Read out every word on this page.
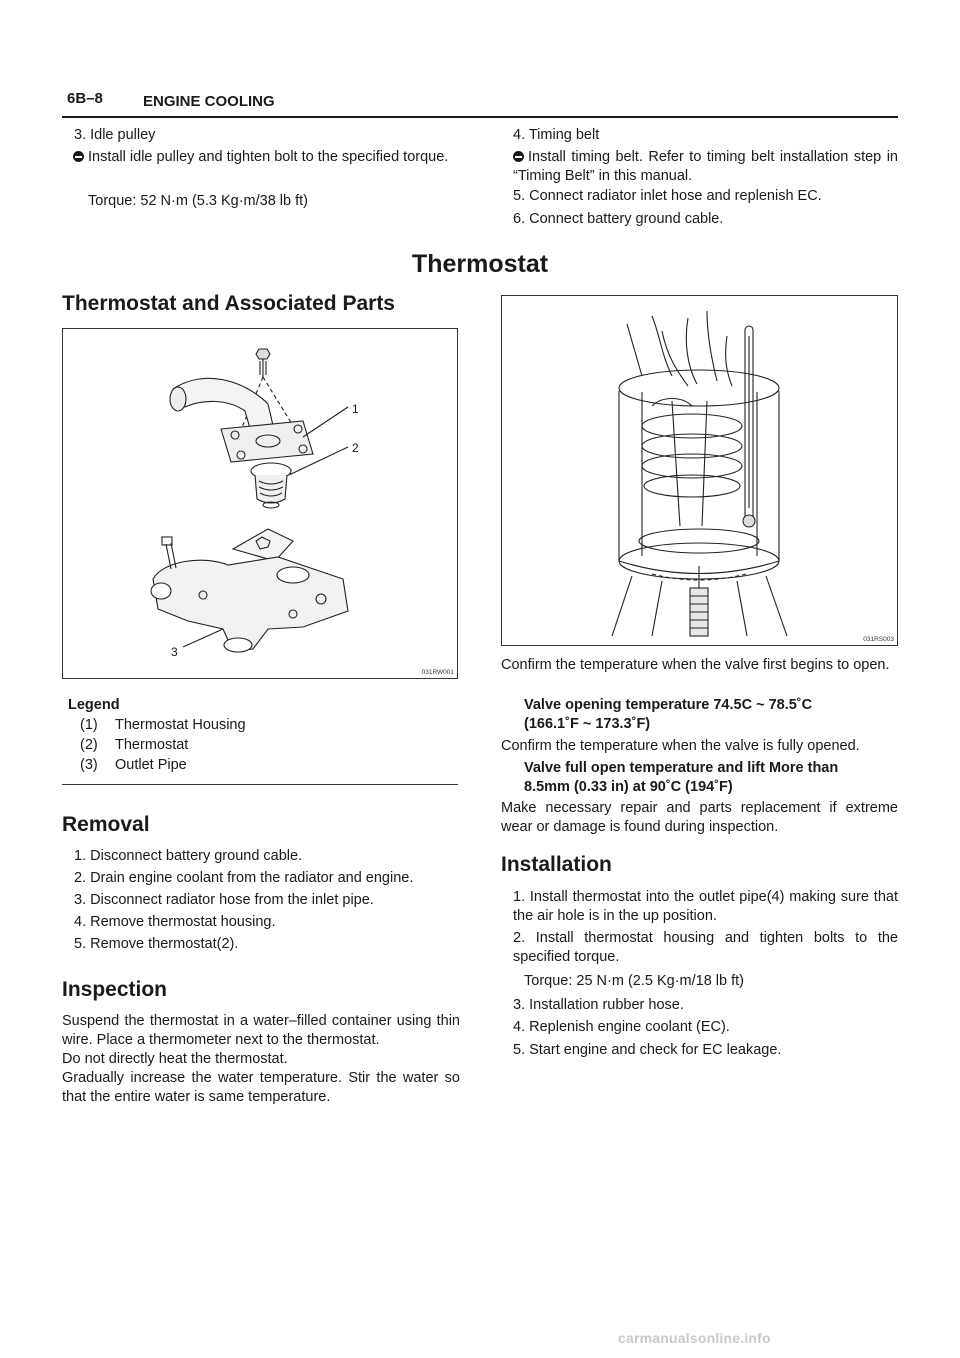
6B–8	ENGINE COOLING
3. Idle pulley
Install idle pulley and tighten bolt to the specified torque.
Torque: 52 N·m (5.3 Kg·m/38 lb ft)
4. Timing belt
Install timing belt. Refer to timing belt installation step in “Timing Belt” in this manual.
5. Connect radiator inlet hose and replenish EC.
6. Connect battery ground cable.
Thermostat
Thermostat and Associated Parts
1
2
3
031RW001
Legend
(1) Thermostat Housing
(2) Thermostat
(3) Outlet Pipe
Removal
1. Disconnect battery ground cable.
2. Drain engine coolant from the radiator and engine.
3. Disconnect radiator hose from the inlet pipe.
4. Remove thermostat housing.
5. Remove thermostat(2).
Inspection
Suspend the thermostat in a water–filled container using thin wire. Place a thermometer next to the thermostat.
Do not directly heat the thermostat.
Gradually increase the water temperature. Stir the water so that the entire water is same temperature.
031RS003
Confirm the temperature when the valve first begins to open.
Valve opening temperature 74.5C ~ 78.5˚C
(166.1˚F ~ 173.3˚F)
Confirm the temperature when the valve is fully opened.
Valve full open temperature and lift More than
8.5mm (0.33 in) at 90˚C (194˚F)
Make necessary repair and parts replacement if extreme wear or damage is found during inspection.
Installation
1. Install thermostat into the outlet pipe(4) making sure that the air hole is in the up position.
2. Install thermostat housing and tighten bolts to the specified torque.
Torque: 25 N·m (2.5 Kg·m/18 lb ft)
3. Installation rubber hose.
4. Replenish engine coolant (EC).
5. Start engine and check for EC leakage.
carmanualsonline.info
